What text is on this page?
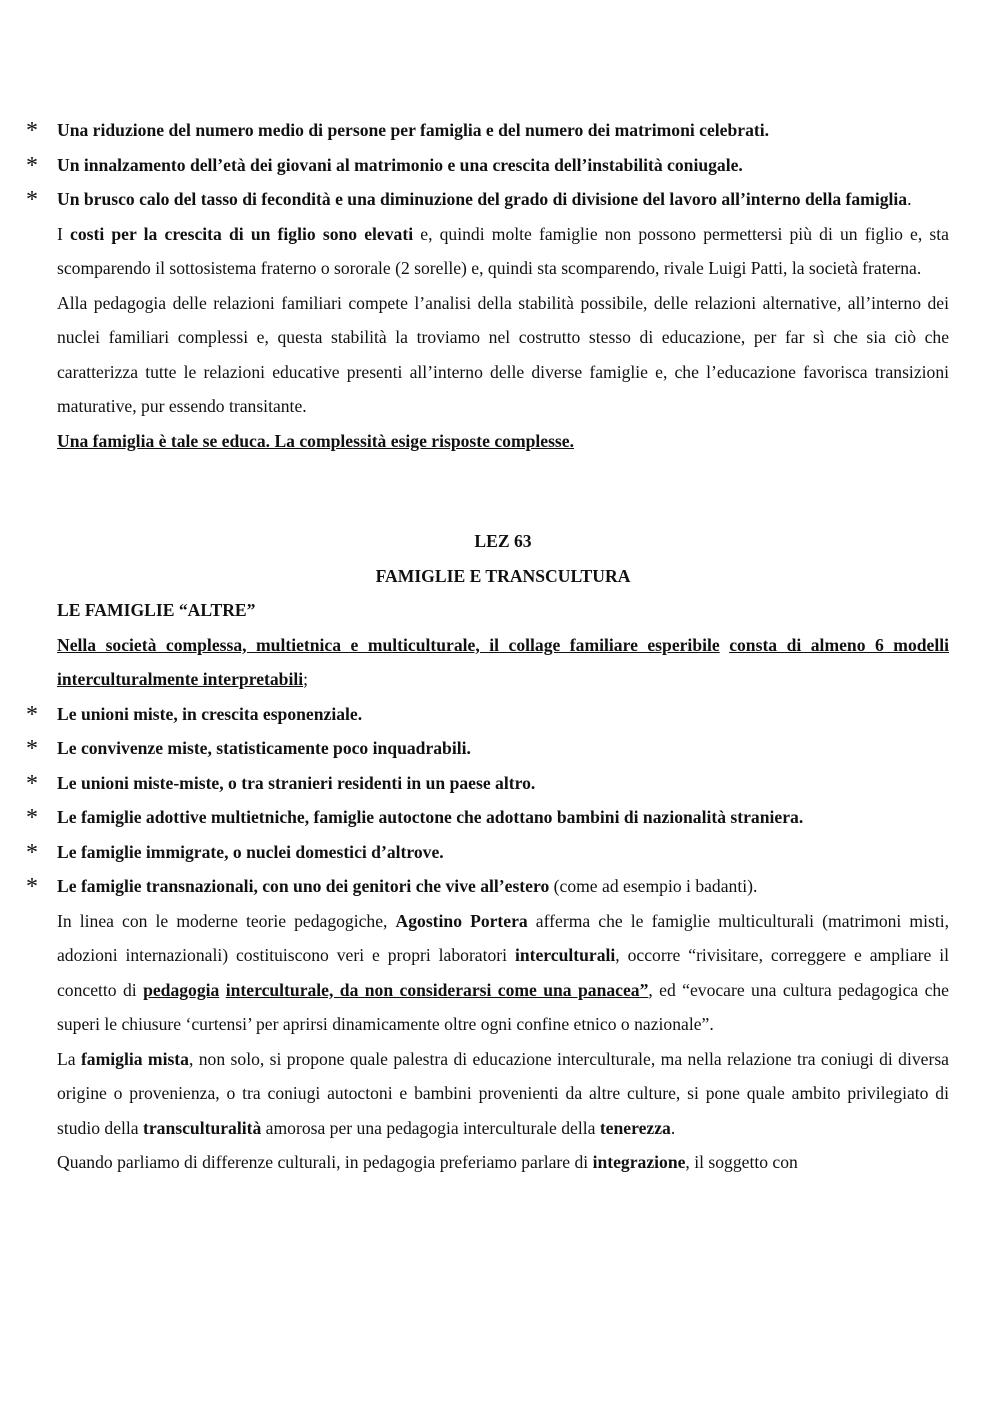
* Una riduzione del numero medio di persone per famiglia e del numero dei matrimoni celebrati.

* Un innalzamento dell’età dei giovani al matrimonio e una crescita dell’instabilità coniugale.

* Un brusco calo del tasso di fecondità e una diminuzione del grado di divisione del lavoro all’interno della famiglia.

I costi per la crescita di un figlio sono elevati e, quindi molte famiglie non possono permettersi più di un figlio e, sta scomparendo il sottosistema fraterno o sororale (2 sorelle) e, quindi sta scomparendo, rivale Luigi Patti, la società fraterna.

Alla pedagogia delle relazioni familiari compete l’analisi della stabilità possibile, delle relazioni alternative, all’interno dei nuclei familiari complessi e, questa stabilità la troviamo nel costrutto stesso di educazione, per far sì che sia ciò che caratterizza tutte le relazioni educative presenti all’interno delle diverse famiglie e, che l’educazione favorisca transizioni maturative, pur essendo transitante.

Una famiglia è tale se educa. La complessità esige risposte complesse.

LEZ 63

FAMIGLIE E TRANSCULTURA

LE FAMIGLIE “ALTRE”

Nella società complessa, multietnica e multiculturale, il collage familiare esperibile consta di almeno 6 modelli interculturalmente interpretabili;

* Le unioni miste, in crescita esponenziale.

* Le convivenze miste, statisticamente poco inquadrabili.

* Le unioni miste-miste, o tra stranieri residenti in un paese altro.

* Le famiglie adottive multietniche, famiglie autoctone che adottano bambini di nazionalità straniera.

* Le famiglie immigrate, o nuclei domestici d’altrove.

* Le famiglie transnazionali, con uno dei genitori che vive all’estero (come ad esempio i badanti).

In linea con le moderne teorie pedagogiche, Agostino Portera afferma che le famiglie multiculturali (matrimoni misti, adozioni internazionali) costituiscono veri e propri laboratori interculturali, occorre “rivisitare, correggere e ampliare il concetto di pedagogia interculturale, da non considerarsi come una panacea”, ed “evocare una cultura pedagogica che superi le chiusure ‘curtensi’ per aprirsi dinamicamente oltre ogni confine etnico o nazionale”.

La famiglia mista, non solo, si propone quale palestra di educazione interculturale, ma nella relazione tra coniugi di diversa origine o provenienza, o tra coniugi autoctoni e bambini provenienti da altre culture, si pone quale ambito privilegiato di studio della transculturalità amorosa per una pedagogia interculturale della tenerezza.

Quando parliamo di differenze culturali, in pedagogia preferiamo parlare di integrazione, il soggetto con
